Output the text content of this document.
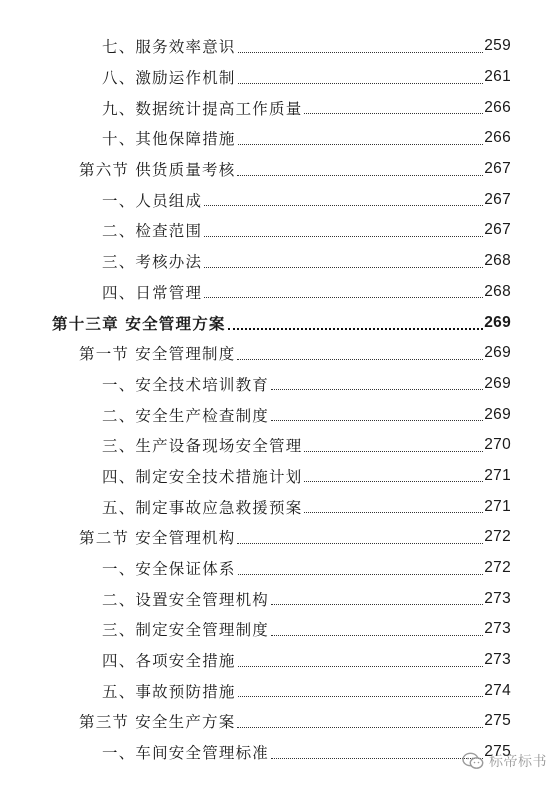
七、服务效率意识	259
八、激励运作机制	261
九、数据统计提高工作质量	266
十、其他保障措施	266
第六节 供货质量考核	267
一、人员组成	267
二、检查范围	267
三、考核办法	268
四、日常管理	268
第十三章 安全管理方案	269
第一节 安全管理制度	269
一、安全技术培训教育	269
二、安全生产检查制度	269
三、生产设备现场安全管理	270
四、制定安全技术措施计划	271
五、制定事故应急救援预案	271
第二节 安全管理机构	272
一、安全保证体系	272
二、设置安全管理机构	273
三、制定安全管理制度	273
四、各项安全措施	273
五、事故预防措施	274
第三节 安全生产方案	275
一、车间安全管理标准	275
标帝标书
